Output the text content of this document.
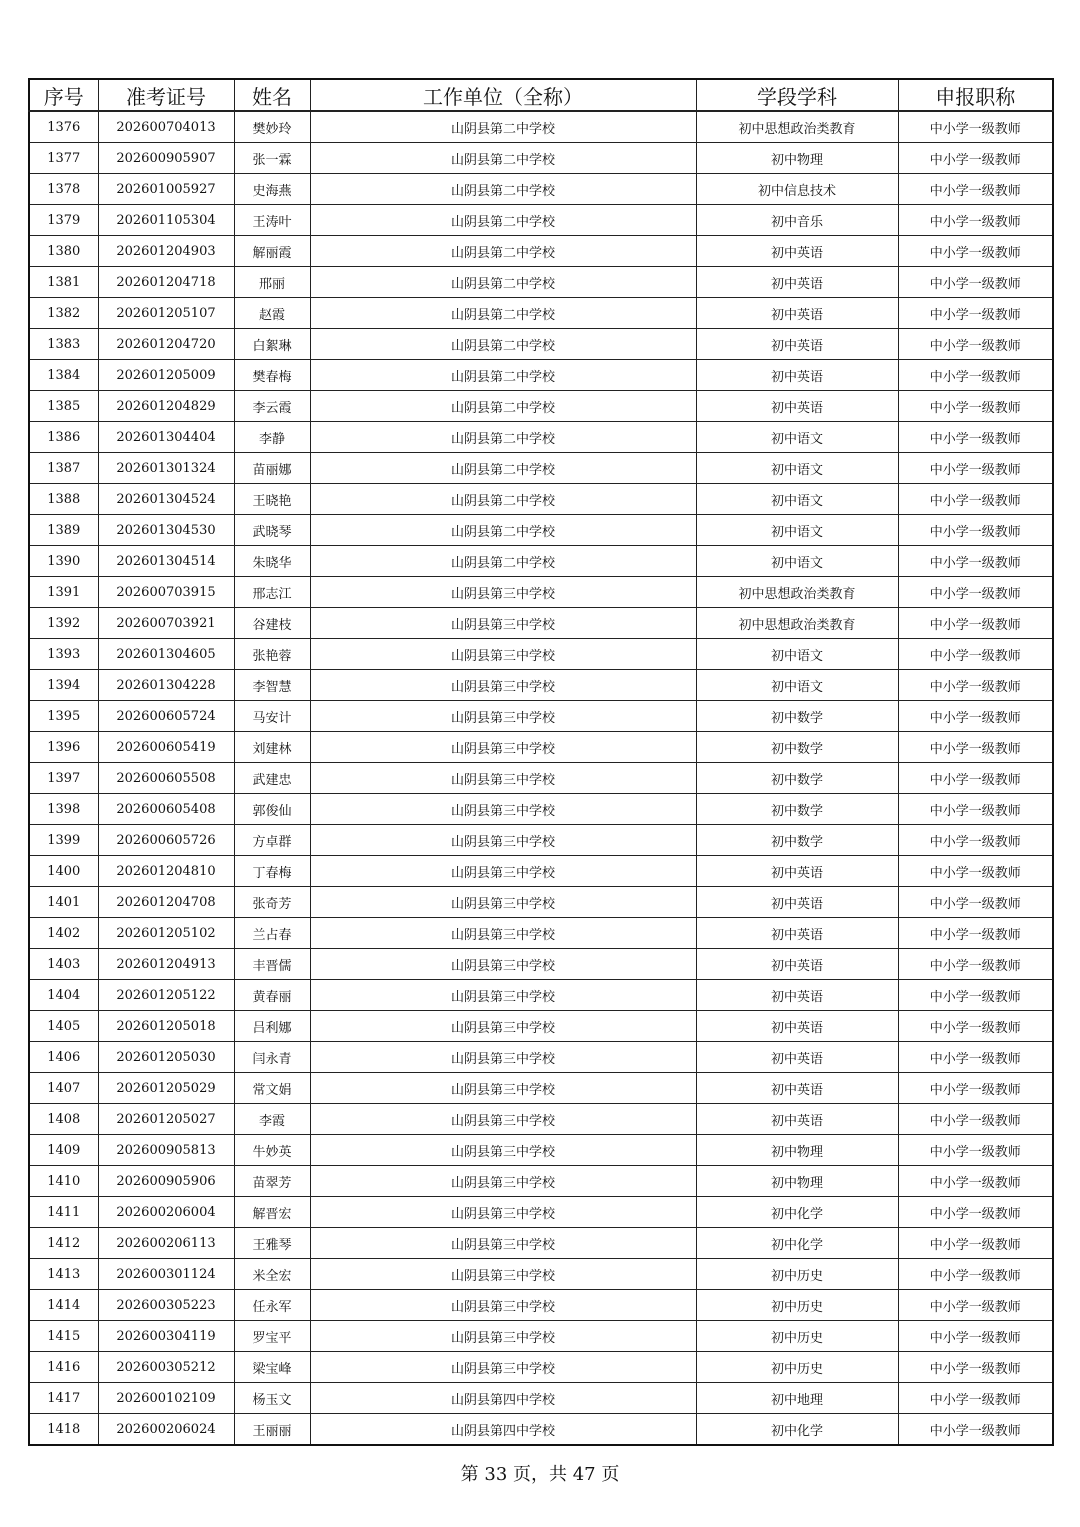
序号	准考证号	姓名	工作单位（全称）	学段学科	申报职称
1376	202600704013	樊妙玲	山阴县第二中学校	初中思想政治类教育	中小学一级教师
1377	202600905907	张一霖	山阴县第二中学校	初中物理	中小学一级教师
1378	202601005927	史海燕	山阴县第二中学校	初中信息技术	中小学一级教师
1379	202601105304	王涛叶	山阴县第二中学校	初中音乐	中小学一级教师
1380	202601204903	解丽霞	山阴县第二中学校	初中英语	中小学一级教师
1381	202601204718	邢丽	山阴县第二中学校	初中英语	中小学一级教师
1382	202601205107	赵霞	山阴县第二中学校	初中英语	中小学一级教师
1383	202601204720	白絮琳	山阴县第二中学校	初中英语	中小学一级教师
1384	202601205009	樊春梅	山阴县第二中学校	初中英语	中小学一级教师
1385	202601204829	李云霞	山阴县第二中学校	初中英语	中小学一级教师
1386	202601304404	李静	山阴县第二中学校	初中语文	中小学一级教师
1387	202601301324	苗丽娜	山阴县第二中学校	初中语文	中小学一级教师
1388	202601304524	王晓艳	山阴县第二中学校	初中语文	中小学一级教师
1389	202601304530	武晓琴	山阴县第二中学校	初中语文	中小学一级教师
1390	202601304514	朱晓华	山阴县第二中学校	初中语文	中小学一级教师
1391	202600703915	邢志江	山阴县第三中学校	初中思想政治类教育	中小学一级教师
1392	202600703921	谷建枝	山阴县第三中学校	初中思想政治类教育	中小学一级教师
1393	202601304605	张艳蓉	山阴县第三中学校	初中语文	中小学一级教师
1394	202601304228	李智慧	山阴县第三中学校	初中语文	中小学一级教师
1395	202600605724	马安计	山阴县第三中学校	初中数学	中小学一级教师
1396	202600605419	刘建林	山阴县第三中学校	初中数学	中小学一级教师
1397	202600605508	武建忠	山阴县第三中学校	初中数学	中小学一级教师
1398	202600605408	郭俊仙	山阴县第三中学校	初中数学	中小学一级教师
1399	202600605726	方卓群	山阴县第三中学校	初中数学	中小学一级教师
1400	202601204810	丁春梅	山阴县第三中学校	初中英语	中小学一级教师
1401	202601204708	张奇芳	山阴县第三中学校	初中英语	中小学一级教师
1402	202601205102	兰占春	山阴县第三中学校	初中英语	中小学一级教师
1403	202601204913	丰晋儒	山阴县第三中学校	初中英语	中小学一级教师
1404	202601205122	黄春丽	山阴县第三中学校	初中英语	中小学一级教师
1405	202601205018	吕利娜	山阴县第三中学校	初中英语	中小学一级教师
1406	202601205030	闫永青	山阴县第三中学校	初中英语	中小学一级教师
1407	202601205029	常文娟	山阴县第三中学校	初中英语	中小学一级教师
1408	202601205027	李霞	山阴县第三中学校	初中英语	中小学一级教师
1409	202600905813	牛妙英	山阴县第三中学校	初中物理	中小学一级教师
1410	202600905906	苗翠芳	山阴县第三中学校	初中物理	中小学一级教师
1411	202600206004	解晋宏	山阴县第三中学校	初中化学	中小学一级教师
1412	202600206113	王雅琴	山阴县第三中学校	初中化学	中小学一级教师
1413	202600301124	米全宏	山阴县第三中学校	初中历史	中小学一级教师
1414	202600305223	任永军	山阴县第三中学校	初中历史	中小学一级教师
1415	202600304119	罗宝平	山阴县第三中学校	初中历史	中小学一级教师
1416	202600305212	梁宝峰	山阴县第三中学校	初中历史	中小学一级教师
1417	202600102109	杨玉文	山阴县第四中学校	初中地理	中小学一级教师
1418	202600206024	王丽丽	山阴县第四中学校	初中化学	中小学一级教师
第 33 页，共 47 页
